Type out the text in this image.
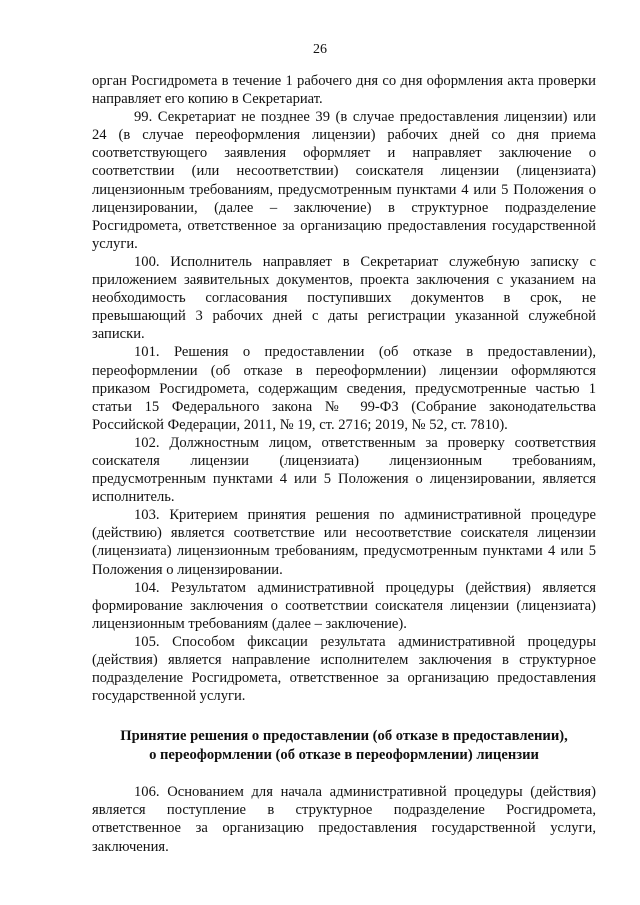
26

орган Росгидромета в течение 1 рабочего дня со дня оформления акта проверки направляет его копию в Секретариат.

99. Секретариат не позднее 39 (в случае предоставления лицензии) или 24 (в случае переоформления лицензии) рабочих дней со дня приема соответствующего заявления оформляет и направляет заключение о соответствии (или несоответствии) соискателя лицензии (лицензиата) лицензионным требованиям, предусмотренным пунктами 4 или 5 Положения о лицензировании, (далее – заключение) в структурное подразделение Росгидромета, ответственное за организацию предоставления государственной услуги.

100. Исполнитель направляет в Секретариат служебную записку с приложением заявительных документов, проекта заключения с указанием на необходимость согласования поступивших документов в срок, не превышающий 3 рабочих дней с даты регистрации указанной служебной записки.

101. Решения о предоставлении (об отказе в предоставлении), переоформлении (об отказе в переоформлении) лицензии оформляются приказом Росгидромета, содержащим сведения, предусмотренные частью 1 статьи 15 Федерального закона № 99-ФЗ (Собрание законодательства Российской Федерации, 2011, № 19, ст. 2716; 2019, № 52, ст. 7810).

102. Должностным лицом, ответственным за проверку соответствия соискателя лицензии (лицензиата) лицензионным требованиям, предусмотренным пунктами 4 или 5 Положения о лицензировании, является исполнитель.

103. Критерием принятия решения по административной процедуре (действию) является соответствие или несоответствие соискателя лицензии (лицензиата) лицензионным требованиям, предусмотренным пунктами 4 или 5 Положения о лицензировании.

104. Результатом административной процедуры (действия) является формирование заключения о соответствии соискателя лицензии (лицензиата) лицензионным требованиям (далее – заключение).

105. Способом фиксации результата административной процедуры (действия) является направление исполнителем заключения в структурное подразделение Росгидромета, ответственное за организацию предоставления государственной услуги.

Принятие решения о предоставлении (об отказе в предоставлении),
о переоформлении (об отказе в переоформлении) лицензии

106. Основанием для начала административной процедуры (действия) является поступление в структурное подразделение Росгидромета, ответственное за организацию предоставления государственной услуги, заключения.
